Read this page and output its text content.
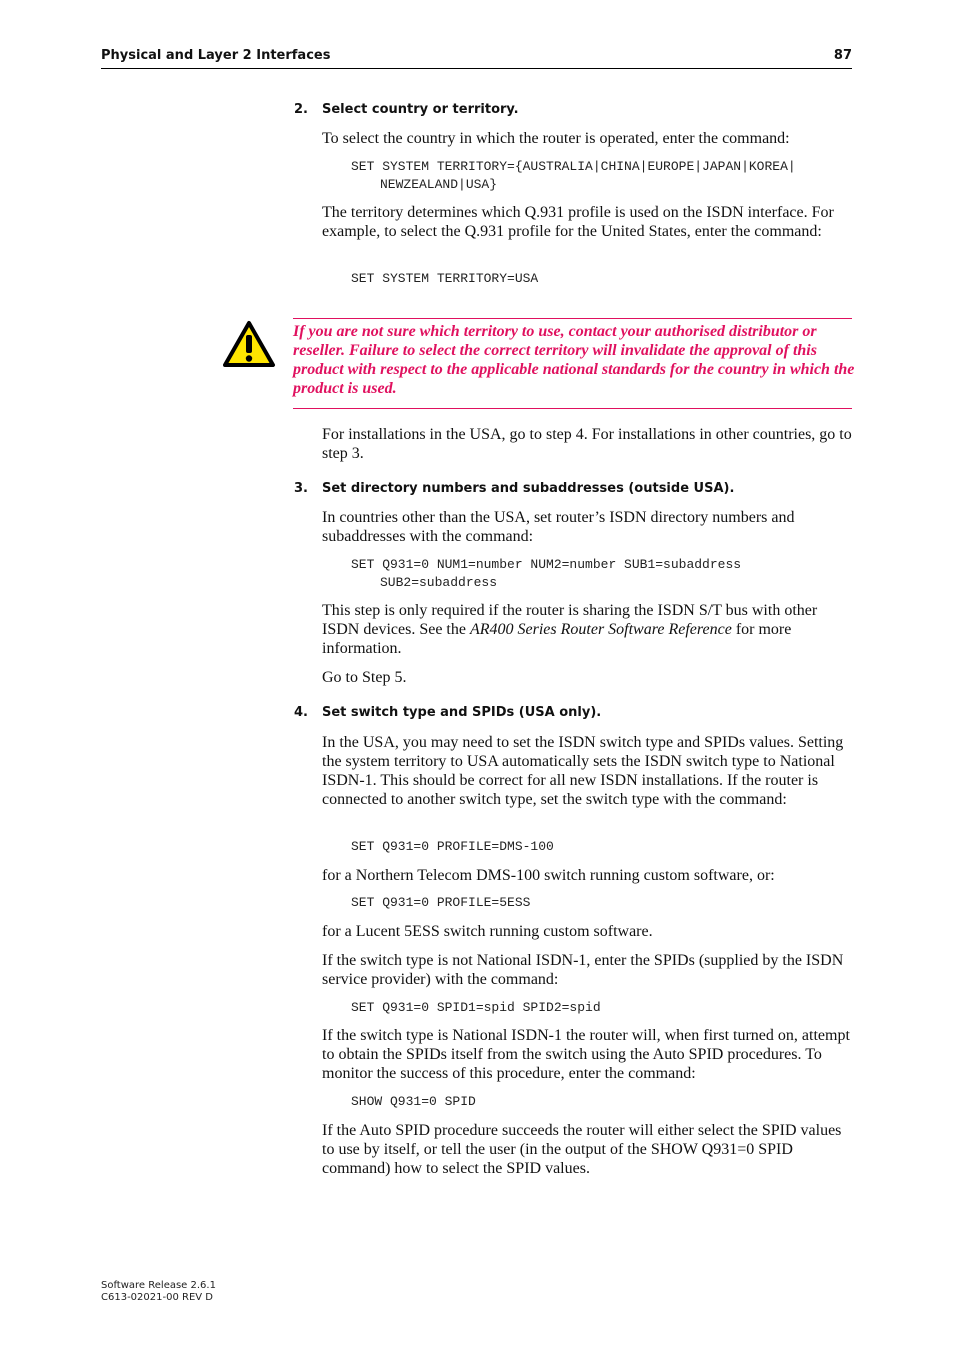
Physical and Layer 2 Interfaces	87
2. Select country or territory.
To select the country in which the router is operated, enter the command:
SET SYSTEM TERRITORY={AUSTRALIA|CHINA|EUROPE|JAPAN|KOREA|
NEWZEALAND|USA}
The territory determines which Q.931 profile is used on the ISDN interface. For example, to select the Q.931 profile for the United States, enter the command:
SET SYSTEM TERRITORY=USA
If you are not sure which territory to use, contact your authorised distributor or reseller. Failure to select the correct territory will invalidate the approval of this product with respect to the applicable national standards for the country in which the product is used.
For installations in the USA, go to step 4. For installations in other countries, go to step 3.
3. Set directory numbers and subaddresses (outside USA).
In countries other than the USA, set router’s ISDN directory numbers and subaddresses with the command:
SET Q931=0 NUM1=number NUM2=number SUB1=subaddress
SUB2=subaddress
This step is only required if the router is sharing the ISDN S/T bus with other ISDN devices. See the AR400 Series Router Software Reference for more information.
Go to Step 5.
4. Set switch type and SPIDs (USA only).
In the USA, you may need to set the ISDN switch type and SPIDs values. Setting the system territory to USA automatically sets the ISDN switch type to National ISDN-1. This should be correct for all new ISDN installations. If the router is connected to another switch type, set the switch type with the command:
SET Q931=0 PROFILE=DMS-100
for a Northern Telecom DMS-100 switch running custom software, or:
SET Q931=0 PROFILE=5ESS
for a Lucent 5ESS switch running custom software.
If the switch type is not National ISDN-1, enter the SPIDs (supplied by the ISDN service provider) with the command:
SET Q931=0 SPID1=spid SPID2=spid
If the switch type is National ISDN-1 the router will, when first turned on, attempt to obtain the SPIDs itself from the switch using the Auto SPID procedures. To monitor the success of this procedure, enter the command:
SHOW Q931=0 SPID
If the Auto SPID procedure succeeds the router will either select the SPID values to use by itself, or tell the user (in the output of the SHOW Q931=0 SPID command) how to select the SPID values.
Software Release 2.6.1
C613-02021-00 REV D
